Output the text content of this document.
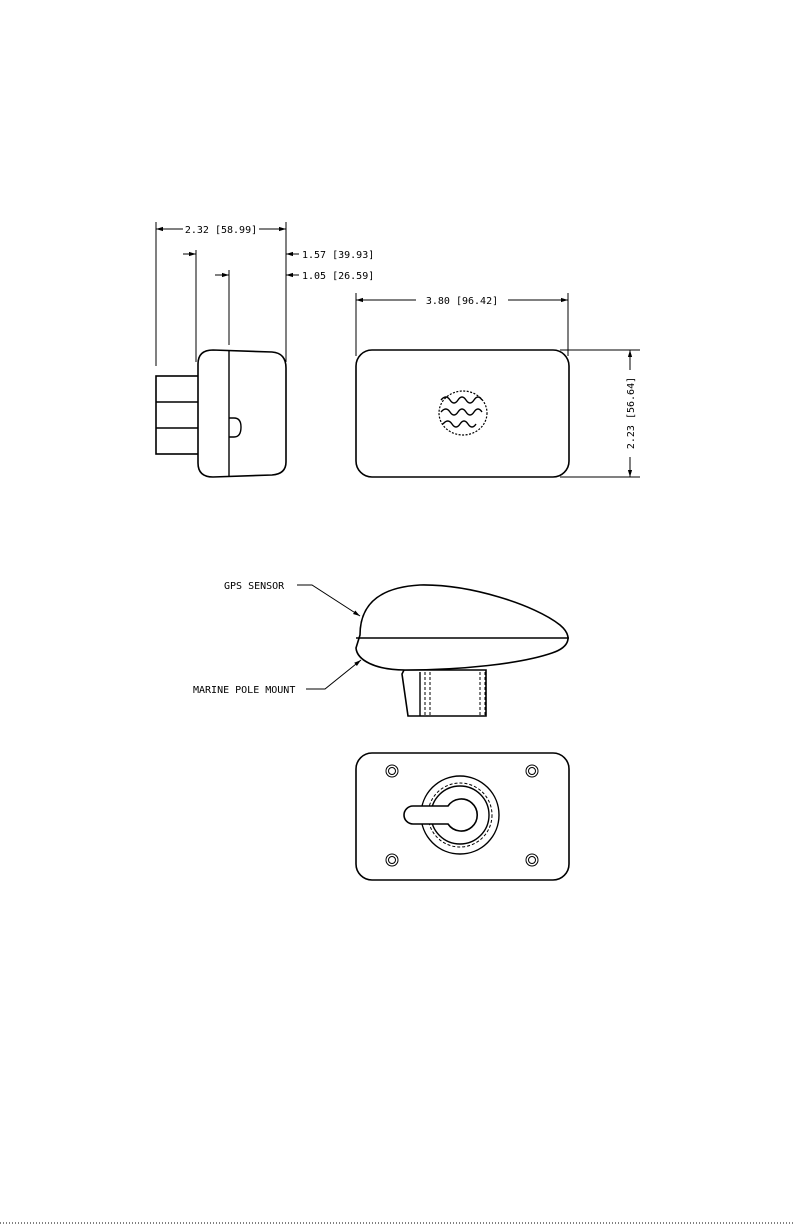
2.32 [58.99]
1.57 [39.93]
1.05 [26.59]
3.80 [96.42]
2.23 [56.64]
GPS SENSOR
MARINE POLE MOUNT
